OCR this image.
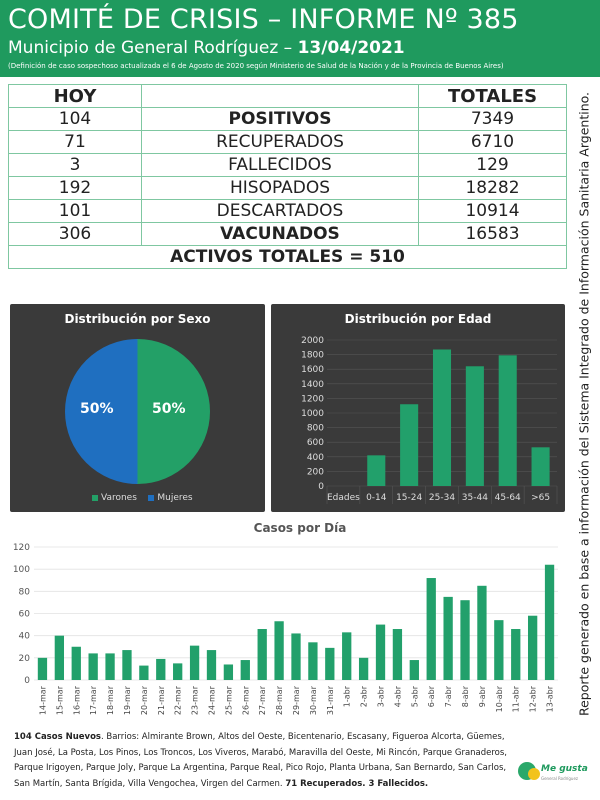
COMITÉ DE CRISIS – INFORME Nº 385
Municipio de General Rodríguez – 13/04/2021
(Definición de caso sospechoso actualizada el 6 de Agosto de 2020 según Ministerio de Salud de la Nación y de la Provincia de Buenos Aires)
HOY		TOTALES
104	POSITIVOS	7349
71	RECUPERADOS	6710
3	FALLECIDOS	129
192	HISOPADOS	18282
101	DESCARTADOS	10914
306	VACUNADOS	16583
ACTIVOS TOTALES = 510			Reporte generado en base a información del Sistema Integrado de Información Sanitaria Argentino.
Distribución por Sexo
50%	50%
Varones Mujeres
Distribución por Edad
0
200
400
600
800
1000
1200
1400
1600
1800
2000
Edades 0-14 15-24 25-34 35-44 45-64 >65
Casos por Día
0
20
40
60
80
100
120
14-mar 15-mar 16-mar 17-mar 18-mar 19-mar 20-mar 21-mar 22-mar 23-mar 24-mar 25-mar 26-mar 27-mar 28-mar 29-mar 30-mar 31-mar 1-abr 2-abr 3-abr 4-abr 5-abr 6-abr 7-abr 8-abr 9-abr 10-abr 11-abr 12-abr 13-abr
104 Casos Nuevos. Barrios: Almirante Brown, Altos del Oeste, Bicentenario, Escasany, Figueroa Alcorta, Güemes, Juan José, La Posta, Los Pinos, Los Troncos, Los Viveros, Marabó, Maravilla del Oeste, Mi Rincón, Parque Granaderos, Parque Irigoyen, Parque Joly, Parque La Argentina, Parque Real, Pico Rojo, Planta Urbana, San Bernardo, San Carlos, San Martín, Santa Brígida, Villa Vengochea, Virgen del Carmen. 71 Recuperados. 3 Fallecidos.
Me gusta
General Rodríguez
